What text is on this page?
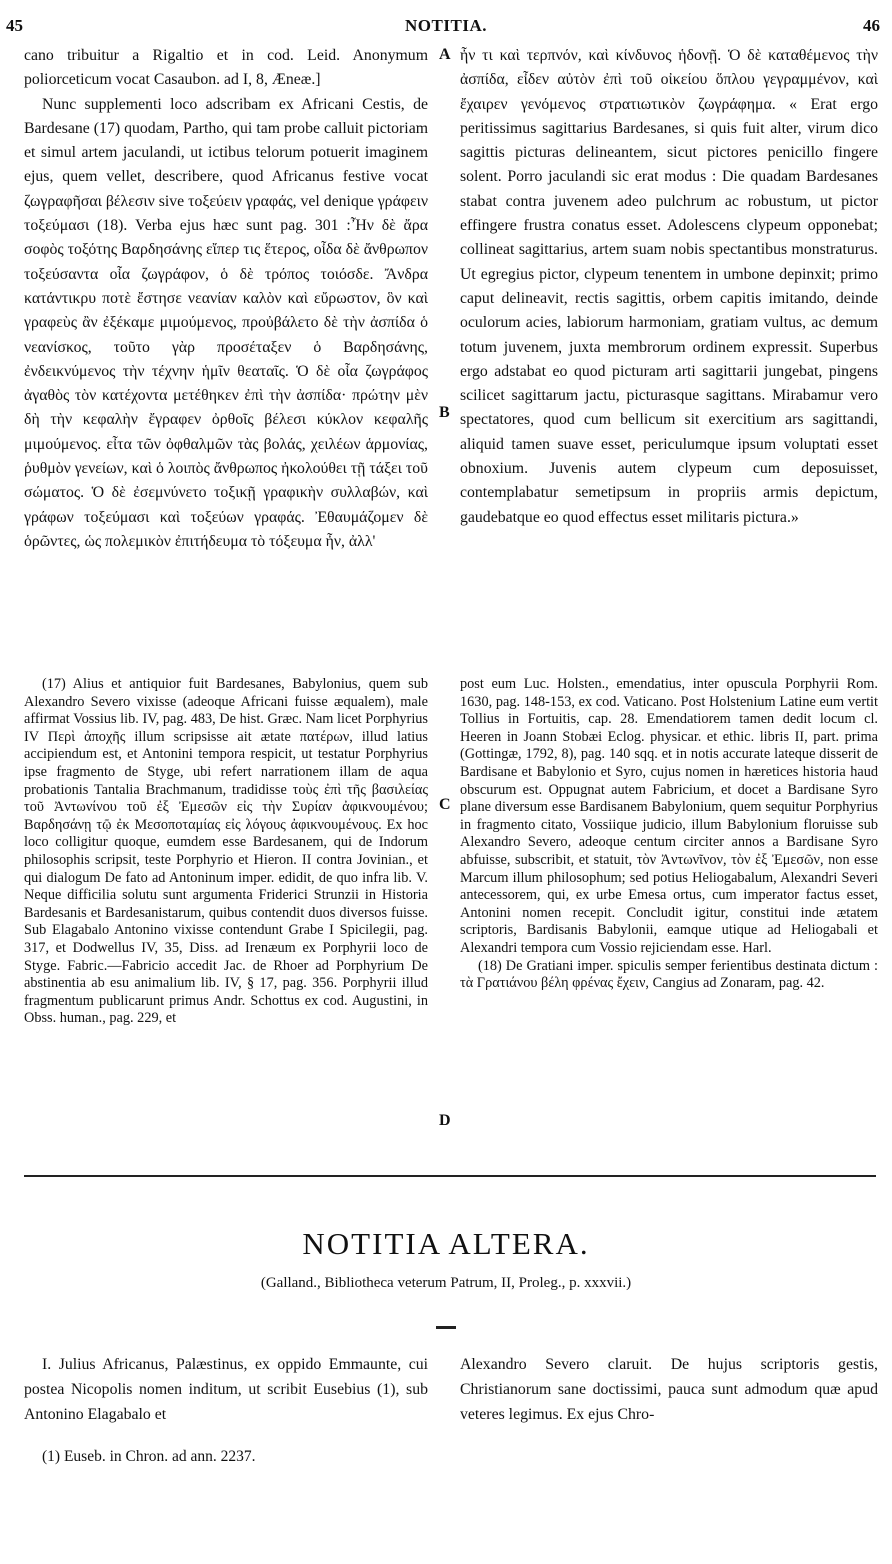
45	NOTITIA.	46

cano tribuitur a Rigaltio et in cod. Leid. Anonymum poliorceticum vocat Casaubon. ad I, 8, Æneæ.]

Nunc supplementi loco adscribam ex Africani Cestis, de Bardesane (17) quodam, Partho, qui tam probe calluit pictoriam et simul artem jaculandi, ut ictibus telorum potuerit imaginem ejus, quem vellet, describere, quod Africanus festive vocat ζωγραφῆσαι βέλεσιν sive τοξεύειν γραφάς, vel denique γράφειν τοξεύμασι (18). Verba ejus hæc sunt pag. 301 :Ἦν δὲ ἄρα σοφὸς τοξότης Βαρδησάνης εἴπερ τις ἕτερος, οἶδα δὲ ἄνθρωπον τοξεύσαντα οἷα ζωγράφον, ὁ δὲ τρόπος τοιόσδε. Ἄνδρα κατάντικρυ ποτὲ ἔστησε νεανίαν καλὸν καὶ εὔρωστον, ὃν καὶ γραφεὺς ἂν ἐξέκαμε μιμούμενος, προὐβάλετο δὲ τὴν ἀσπίδα ὁ νεανίσκος, τοῦτο γὰρ προσέταξεν ὁ Βαρδησάνης, ἐνδεικνύμενος τὴν τέχνην ἡμῖν θεαταῖς. Ὁ δὲ οἷα ζωγράφος ἀγαθὸς τὸν κατέχοντα μετέθηκεν ἐπὶ τὴν ἀσπίδα· πρώτην μὲν δὴ τὴν κεφαλὴν ἔγραφεν ὀρθοῖς βέλεσι κύκλον κεφαλῆς μιμούμενος. εἶτα τῶν ὀφθαλμῶν τὰς βολάς, χειλέων ἁρμονίας, ῥυθμὸν γενείων, καὶ ὁ λοιπὸς ἄνθρωπος ἠκολούθει τῇ τάξει τοῦ σώματος. Ὁ δὲ ἐσεμνύνετο τοξικῇ γραφικὴν συλλαβών, καὶ γράφων τοξεύμασι καὶ τοξεύων γραφάς. Ἐθαυμάζομεν δὲ ὁρῶντες, ὡς πολεμικὸν ἐπιτήδευμα τὸ τόξευμα ἦν, ἀλλ'

ἦν τι καὶ τερπνόν, καὶ κίνδυνος ἡδονῇ. Ὁ δὲ καταθέμενος τὴν ἀσπίδα, εἶδεν αὐτὸν ἐπὶ τοῦ οἰκείου ὅπλου γεγραμμένον, καὶ ἔχαιρεν γενόμενος στρατιωτικὸν ζωγράφημα. « Erat ergo peritissimus sagittarius Bardesanes, si quis fuit alter, virum dico sagittis picturas delineantem, sicut pictores penicillo fingere solent. Porro jaculandi sic erat modus : Die quadam Bardesanes stabat contra juvenem adeo pulchrum ac robustum, ut pictor effingere frustra conatus esset. Adolescens clypeum opponebat; collineat sagittarius, artem suam nobis spectantibus monstraturus. Ut egregius pictor, clypeum tenentem in umbone depinxit; primo caput delineavit, rectis sagittis, orbem capitis imitando, deinde oculorum acies, labiorum harmoniam, gratiam vultus, ac demum totum juvenem, juxta membrorum ordinem expressit. Superbus ergo adstabat eo quod picturam arti sagittarii jungebat, pingens scilicet sagittarum jactu, picturasque sagittans. Mirabamur vero spectatores, quod cum bellicum sit exercitium ars sagittandi, aliquid tamen suave esset, periculumque ipsum voluptati esset obnoxium. Juvenis autem clypeum cum deposuisset, contemplabatur semetipsum in propriis armis depictum, gaudebatque eo quod effectus esset militaris pictura.»

A
B
C
D

(17) Alius et antiquior fuit Bardesanes, Babylonius, quem sub Alexandro Severo vixisse (adeoque Africani fuisse æqualem), male affirmat Vossius lib. IV, pag. 483, De hist. Græc. Nam licet Porphyrius IV Περὶ ἀποχῆς illum scripsisse ait ætate πατέρων, illud latius accipiendum est, et Antonini tempora respicit, ut testatur Porphyrius ipse fragmento de Styge, ubi refert narrationem illam de aqua probationis Tantalia Brachmanum, tradidisse τοὺς ἐπὶ τῆς βασιλείας τοῦ Ἀντωνίνου τοῦ ἐξ Ἐμεσῶν εἰς τὴν Συρίαν ἀφικνουμένου; Βαρδησάνῃ τῷ ἐκ Μεσοποταμίας εἰς λόγους ἀφικνουμένους. Ex hoc loco colligitur quoque, eumdem esse Bardesanem, qui de Indorum philosophis scripsit, teste Porphyrio et Hieron. II contra Jovinian., et qui dialogum De fato ad Antoninum imper. edidit, de quo infra lib. V. Neque difficilia solutu sunt argumenta Friderici Strunzii in Historia Bardesanis et Bardesanistarum, quibus contendit duos diversos fuisse. Sub Elagabalo Antonino vixisse contendunt Grabe I Spicilegii, pag. 317, et Dodwellus IV, 35, Diss. ad Irenæum ex Porphyrii loco de Styge. Fabric.—Fabricio accedit Jac. de Rhoer ad Porphyrium De abstinentia ab esu animalium lib. IV, § 17, pag. 356. Porphyrii illud fragmentum publicarunt primus Andr. Schottus ex cod. Augustini, in Obss. human., pag. 229, et

post eum Luc. Holsten., emendatius, inter opuscula Porphyrii Rom. 1630, pag. 148-153, ex cod. Vaticano. Post Holstenium Latine eum vertit Tollius in Fortuitis, cap. 28. Emendatiorem tamen dedit locum cl. Heeren in Joann Stobæi Eclog. physicar. et ethic. libris II, part. prima (Gottingæ, 1792, 8), pag. 140 sqq. et in notis accurate lateque disserit de Bardisane et Babylonio et Syro, cujus nomen in hæretices historia haud obscurum est. Oppugnat autem Fabricium, et docet a Bardisane Syro plane diversum esse Bardisanem Babylonium, quem sequitur Porphyrius in fragmento citato, Vossiique judicio, illum Babylonium floruisse sub Alexandro Severo, adeoque centum circiter annos a Bardisane Syro abfuisse, subscribit, et statuit, τὸν Ἀντωνῖνον, τὸν ἐξ Ἐμεσῶν, non esse Marcum illum philosophum; sed potius Heliogabalum, Alexandri Severi antecessorem, qui, ex urbe Emesa ortus, cum imperator factus esset, Antonini nomen recepit. Concludit igitur, constitui inde ætatem scriptoris, Bardisanis Babylonii, eamque utique ad Heliogabali et Alexandri tempora cum Vossio rejiciendam esse. Harl.

(18) De Gratiani imper. spiculis semper ferientibus destinata dictum : τὰ Γρατιάνου βέλη φρένας ἔχειν, Cangius ad Zonaram, pag. 42.

NOTITIA ALTERA.
(Galland., Bibliotheca veterum Patrum, II, Proleg., p. xxxvii.)

I. Julius Africanus, Palæstinus, ex oppido Emmaunte, cui postea Nicopolis nomen inditum, ut scribit Eusebius (1), sub Antonino Elagabalo et

Alexandro Severo claruit. De hujus scriptoris gestis, Christianorum sane doctissimi, pauca sunt admodum quæ apud veteres legimus. Ex ejus Chro-

(1) Euseb. in Chron. ad ann. 2237.
